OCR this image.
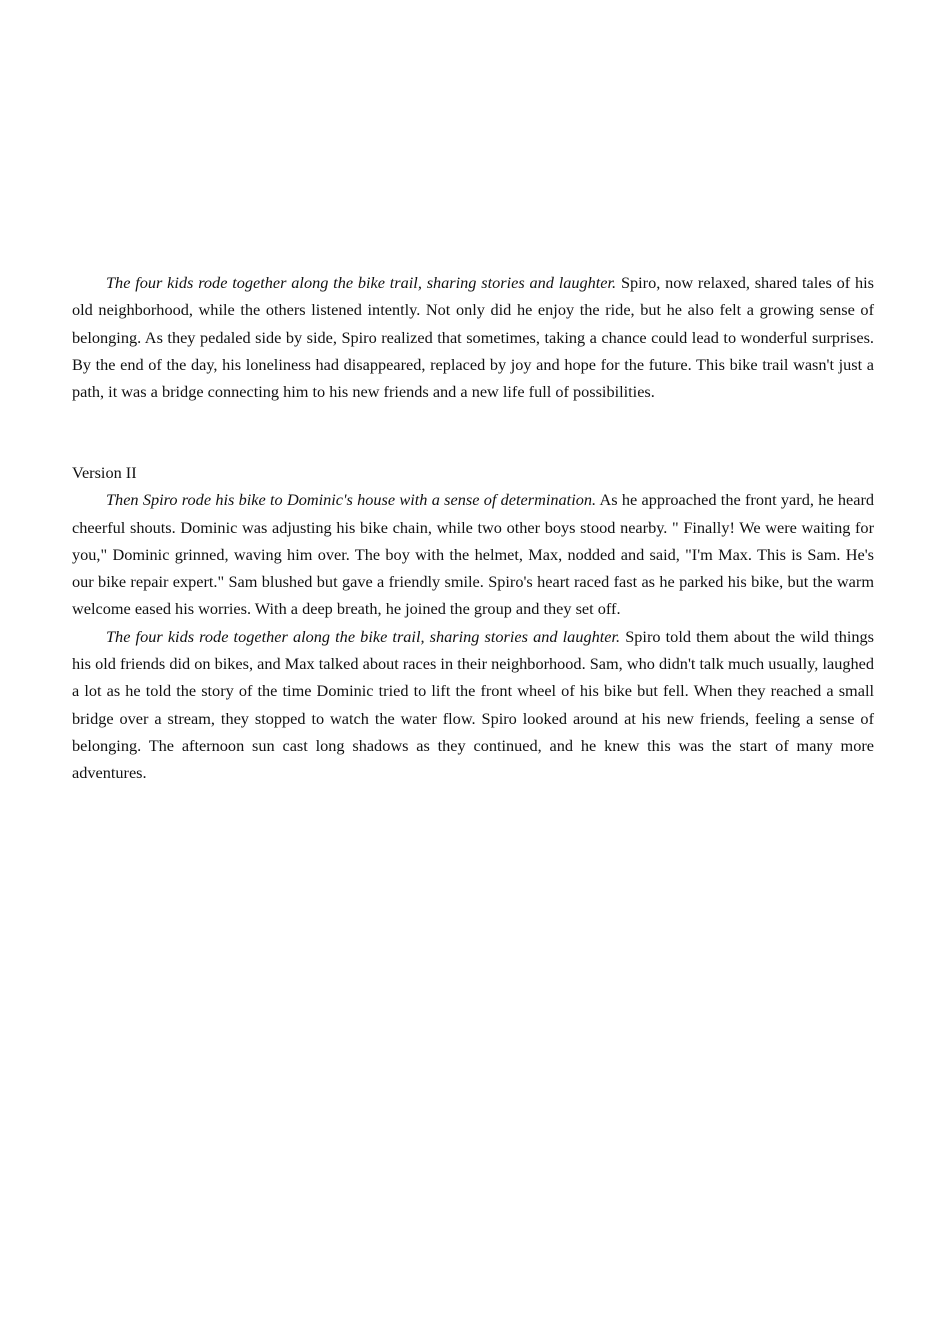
The four kids rode together along the bike trail, sharing stories and laughter. Spiro, now relaxed, shared tales of his old neighborhood, while the others listened intently. Not only did he enjoy the ride, but he also felt a growing sense of belonging. As they pedaled side by side, Spiro realized that sometimes, taking a chance could lead to wonderful surprises. By the end of the day, his loneliness had disappeared, replaced by joy and hope for the future. This bike trail wasn't just a path, it was a bridge connecting him to his new friends and a new life full of possibilities.

Version II

Then Spiro rode his bike to Dominic's house with a sense of determination. As he approached the front yard, he heard cheerful shouts. Dominic was adjusting his bike chain, while two other boys stood nearby. " Finally! We were waiting for you," Dominic grinned, waving him over. The boy with the helmet, Max, nodded and said, "I'm Max. This is Sam. He's our bike repair expert." Sam blushed but gave a friendly smile. Spiro's heart raced fast as he parked his bike, but the warm welcome eased his worries. With a deep breath, he joined the group and they set off.

The four kids rode together along the bike trail, sharing stories and laughter. Spiro told them about the wild things his old friends did on bikes, and Max talked about races in their neighborhood. Sam, who didn't talk much usually, laughed a lot as he told the story of the time Dominic tried to lift the front wheel of his bike but fell. When they reached a small bridge over a stream, they stopped to watch the water flow. Spiro looked around at his new friends, feeling a sense of belonging. The afternoon sun cast long shadows as they continued, and he knew this was the start of many more adventures.
